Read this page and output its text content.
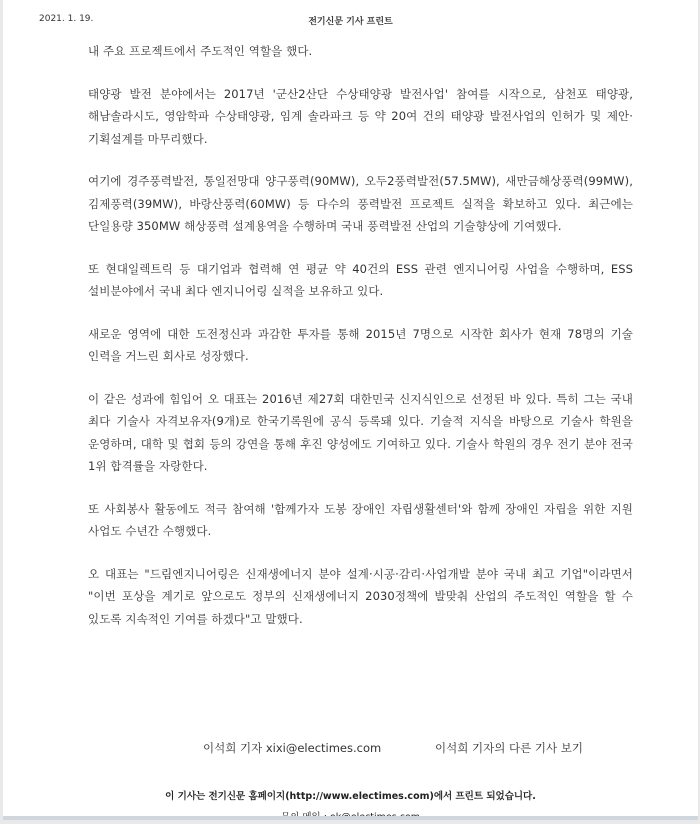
2021. 1. 19.	전기신문 기사 프린트

내 주요 프로젝트에서 주도적인 역할을 했다.

태양광 발전 분야에서는 2017년 '군산2산단 수상태양광 발전사업' 참여를 시작으로, 삼천포 태양광, 해남솔라시도, 영암학파 수상태양광, 임계 솔라파크 등 약 20여 건의 태양광 발전사업의 인허가 및 제안·기획설계를 마무리했다.

여기에 경주풍력발전, 통일전망대 양구풍력(90MW), 오두2풍력발전(57.5MW), 새만금해상풍력(99MW), 김제풍력(39MW), 바랑산풍력(60MW) 등 다수의 풍력발전 프로젝트 실적을 확보하고 있다. 최근에는 단일용량 350MW 해상풍력 설계용역을 수행하며 국내 풍력발전 산업의 기술향상에 기여했다.

또 현대일렉트릭 등 대기업과 협력해 연 평균 약 40건의 ESS 관련 엔지니어링 사업을 수행하며, ESS 설비분야에서 국내 최다 엔지니어링 실적을 보유하고 있다.

새로운 영역에 대한 도전정신과 과감한 투자를 통해 2015년 7명으로 시작한 회사가 현재 78명의 기술 인력을 거느린 회사로 성장했다.

이 같은 성과에 힘입어 오 대표는 2016년 제27회 대한민국 신지식인으로 선정된 바 있다. 특히 그는 국내 최다 기술사 자격보유자(9개)로 한국기록원에 공식 등록돼 있다. 기술적 지식을 바탕으로 기술사 학원을 운영하며, 대학 및 협회 등의 강연을 통해 후진 양성에도 기여하고 있다. 기술사 학원의 경우 전기 분야 전국 1위 합격률을 자랑한다.

또 사회봉사 활동에도 적극 참여해 '함께가자 도봉 장애인 자립생활센터'와 함께 장애인 자립을 위한 지원 사업도 수년간 수행했다.

오 대표는 "드림엔지니어링은 신재생에너지 분야 설계·시공·감리·사업개발 분야 국내 최고 기업"이라면서 "이번 포상을 계기로 앞으로도 정부의 신재생에너지 2030정책에 발맞춰 산업의 주도적인 역할을 할 수 있도록 지속적인 기여를 하겠다"고 말했다.

이석희 기자 xixi@electimes.com	이석희 기자의 다른 기사 보기
이 기사는 전기신문 홈페이지(http://www.electimes.com)에서 프린트 되었습니다.
